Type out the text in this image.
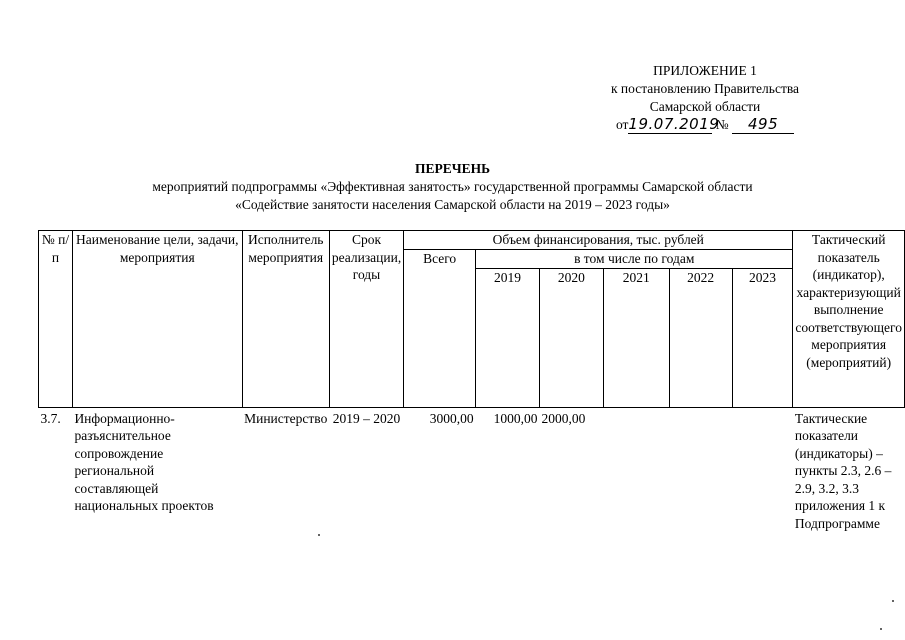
ПРИЛОЖЕНИЕ 1
к постановлению Правительства
Самарской области
от19.07.2019 № 495
ПЕРЕЧЕНЬ
мероприятий подпрограммы «Эффективная занятость» государственной программы Самарской области
«Содействие занятости населения Самарской области на 2019 – 2023 годы»
№ п/п	Наименование цели, задачи, мероприятия	Исполнитель мероприятия	Срок реализации, годы	Объем финансирования, тыс. рублей						Тактический показатель (индикатор), характеризующий выполнение соответствующего мероприятия (мероприятий)
				Всего	в том числе по годам					
					2019	2020	2021	2022	2023	
3.7.	Информационно-разъяснительное сопровождение региональной составляющей национальных проектов	Министерство	2019 – 2020	3000,00	1000,00	2000,00				Тактические показатели (индикаторы) – пункты 2.3, 2.6 – 2.9, 3.2, 3.3 приложения 1 к Подпрограмме
